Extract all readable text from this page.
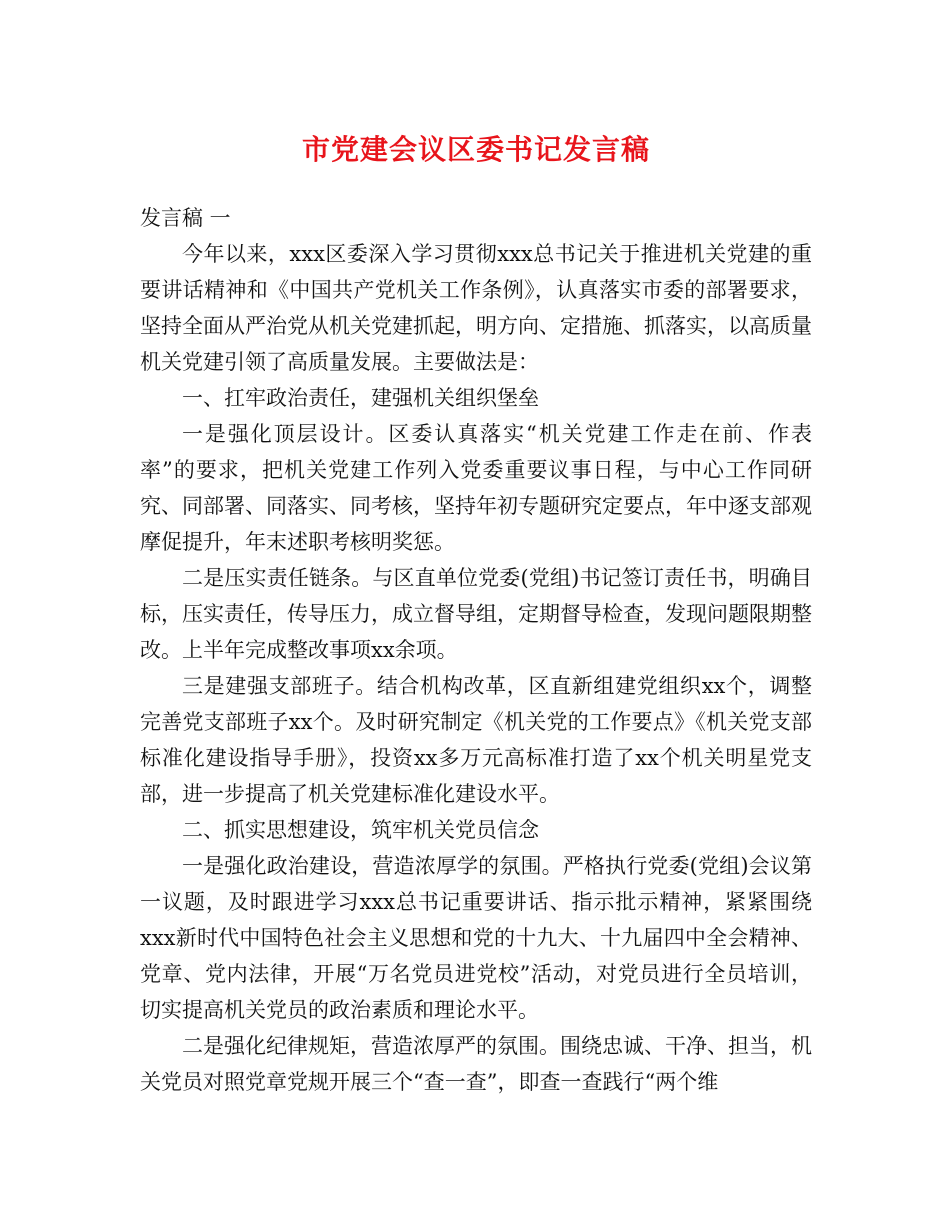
市党建会议区委书记发言稿

发言稿 一

今年以来，xxx区委深入学习贯彻xxx总书记关于推进机关党建的重要讲话精神和《中国共产党机关工作条例》，认真落实市委的部署要求，坚持全面从严治党从机关党建抓起，明方向、定措施、抓落实，以高质量机关党建引领了高质量发展。主要做法是：

一、扛牢政治责任，建强机关组织堡垒

一是强化顶层设计。区委认真落实“机关党建工作走在前、作表率”的要求，把机关党建工作列入党委重要议事日程，与中心工作同研究、同部署、同落实、同考核，坚持年初专题研究定要点，年中逐支部观摩促提升，年末述职考核明奖惩。

二是压实责任链条。与区直单位党委(党组)书记签订责任书，明确目标，压实责任，传导压力，成立督导组，定期督导检查，发现问题限期整改。上半年完成整改事项xx余项。

三是建强支部班子。结合机构改革，区直新组建党组织xx个，调整完善党支部班子xx个。及时研究制定《机关党的工作要点》《机关党支部标准化建设指导手册》，投资xx多万元高标准打造了xx个机关明星党支部，进一步提高了机关党建标准化建设水平。

二、抓实思想建设，筑牢机关党员信念

一是强化政治建设，营造浓厚学的氛围。严格执行党委(党组)会议第一议题，及时跟进学习xxx总书记重要讲话、指示批示精神，紧紧围绕xxx新时代中国特色社会主义思想和党的十九大、十九届四中全会精神、党章、党内法律，开展“万名党员进党校”活动，对党员进行全员培训，切实提高机关党员的政治素质和理论水平。

二是强化纪律规矩，营造浓厚严的氛围。围绕忠诚、干净、担当，机关党员对照党章党规开展三个“查一查”，即查一查践行“两个维
